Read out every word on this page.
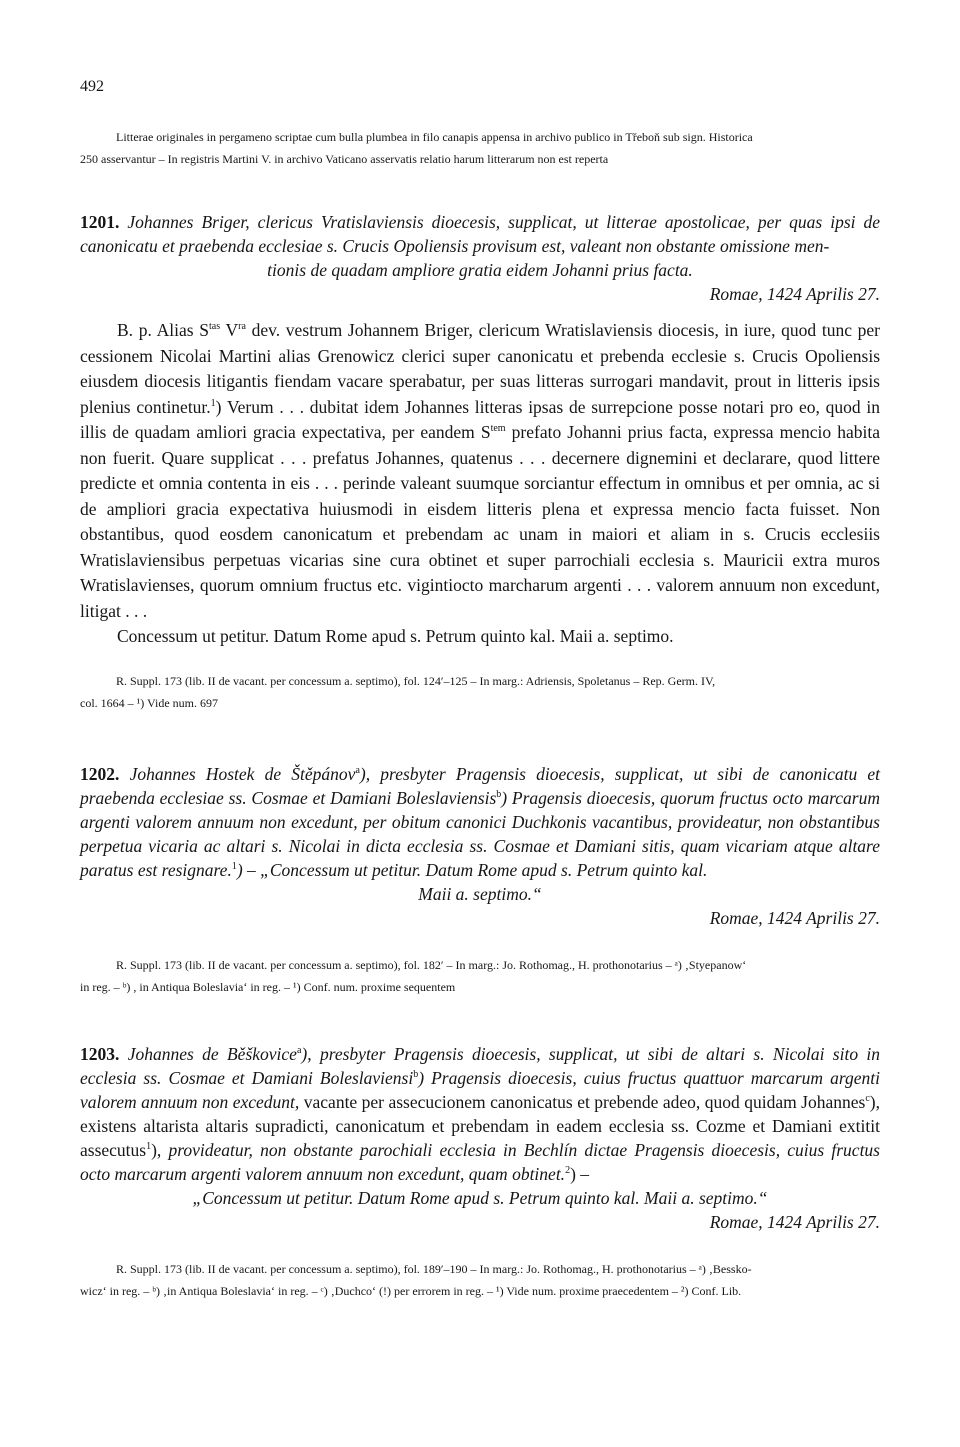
492

Litterae originales in pergameno scriptae cum bulla plumbea in filo canapis appensa in archivo publico in Třeboň sub sign. Historica

250 asservantur – In registris Martini V. in archivo Vaticano asservatis relatio harum litterarum non est reperta

1201. Johannes Briger, clericus Vratislaviensis dioecesis, supplicat, ut litterae apostolicae, per quas ipsi de canonicatu et praebenda ecclesiae s. Crucis Opoliensis provisum est, valeant non obstante omissione men-

tionis de quadam ampliore gratia eidem Johanni prius facta.

Romae, 1424 Aprilis 27.

B. p. Alias $S^{tas}$ $V^{ra}$ dev. vestrum Johannem Briger, clericum Wratislaviensis diocesis, in iure, quod tunc per cessionem Nicolai Martini alias Grenowicz clerici super canonicatu et prebenda ecclesie s. Crucis Opoliensis eiusdem diocesis litigantis fiendam vacare sperabatur, per suas litteras surrogari mandavit, prout in litteris ipsis plenius continetur.$^1$) Verum . . . dubitat idem Johannes litteras ipsas de surrepcione posse notari pro eo, quod in illis de quadam amliori gracia expectativa, per eandem $S^{tem}$ prefato Johanni prius facta, expressa mencio habita non fuerit. Quare supplicat . . . prefatus Johannes, quatenus . . . decernere dignemini et declarare, quod littere predicte et omnia contenta in eis . . . perinde valeant suumque sorciantur effectum in omnibus et per omnia, ac si de ampliori gracia expectativa huiusmodi in eisdem litteris plena et expressa mencio facta fuisset. Non obstantibus, quod eosdem canonicatum et prebendam ac unam in maiori et aliam in s. Crucis ecclesiis Wratislaviensibus perpetuas vicarias sine cura obtinet et super parrochiali ecclesia s. Mauricii extra muros Wratislavienses, quorum omnium fructus etc. vigintiocto marcharum argenti . . . valorem annuum non excedunt, litigat . . .

Concessum ut petitur. Datum Rome apud s. Petrum quinto kal. Maii a. septimo.

R. Suppl. 173 (lib. II de vacant. per concessum a. septimo), fol. 124′–125 – In marg.: Adriensis, Spoletanus – Rep. Germ. IV,

col. 1664 – ¹) Vide num. 697

1202. Johannes Hostek de Štěpánov$^a$), presbyter Pragensis dioecesis, supplicat, ut sibi de canonicatu et praebenda ecclesiae ss. Cosmae et Damiani Boleslaviensis$^b$) Pragensis dioecesis, quorum fructus octo marcarum argenti valorem annuum non excedunt, per obitum canonici Duchkonis vacantibus, provideatur, non obstantibus perpetua vicaria ac altari s. Nicolai in dicta ecclesia ss. Cosmae et Damiani sitis, quam vicariam atque altare paratus est resignare.$^1$) – „Concessum ut petitur. Datum Rome apud s. Petrum quinto kal.

Maii a. septimo.“

Romae, 1424 Aprilis 27.

R. Suppl. 173 (lib. II de vacant. per concessum a. septimo), fol. 182′ – In marg.: Jo. Rothomag., H. prothonotarius – ᵃ) ‚Styepanow‘

in reg. – ᵇ) , in Antiqua Boleslavia‘ in reg. – ¹) Conf. num. proxime sequentem

1203. Johannes de Běškovice$^a$), presbyter Pragensis dioecesis, supplicat, ut sibi de altari s. Nicolai sito in ecclesia ss. Cosmae et Damiani Boleslaviensi$^b$) Pragensis dioecesis, cuius fructus quattuor marcarum argenti valorem annuum non excedunt, vacante per assecucionem canonicatus et prebende adeo, quod quidam Johannes$^c$), existens altarista altaris supradicti, canonicatum et prebendam in eadem ecclesia ss. Cozme et Damiani extitit assecutus$^1$), provideatur, non obstante parochiali ecclesia in Bechlín dictae Pragensis dioecesis, cuius fructus octo marcarum argenti valorem annuum non excedunt, quam obtinet.$^2$) –

„Concessum ut petitur. Datum Rome apud s. Petrum quinto kal. Maii a. septimo.“

Romae, 1424 Aprilis 27.

R. Suppl. 173 (lib. II de vacant. per concessum a. septimo), fol. 189′–190 – In marg.: Jo. Rothomag., H. prothonotarius – ᵃ) ‚Bessko-

wicz‘ in reg. – ᵇ) ‚in Antiqua Boleslavia‘ in reg. – ᶜ) ‚Duchco‘ (!) per errorem in reg. – ¹) Vide num. proxime praecedentem – ²) Conf. Lib.
